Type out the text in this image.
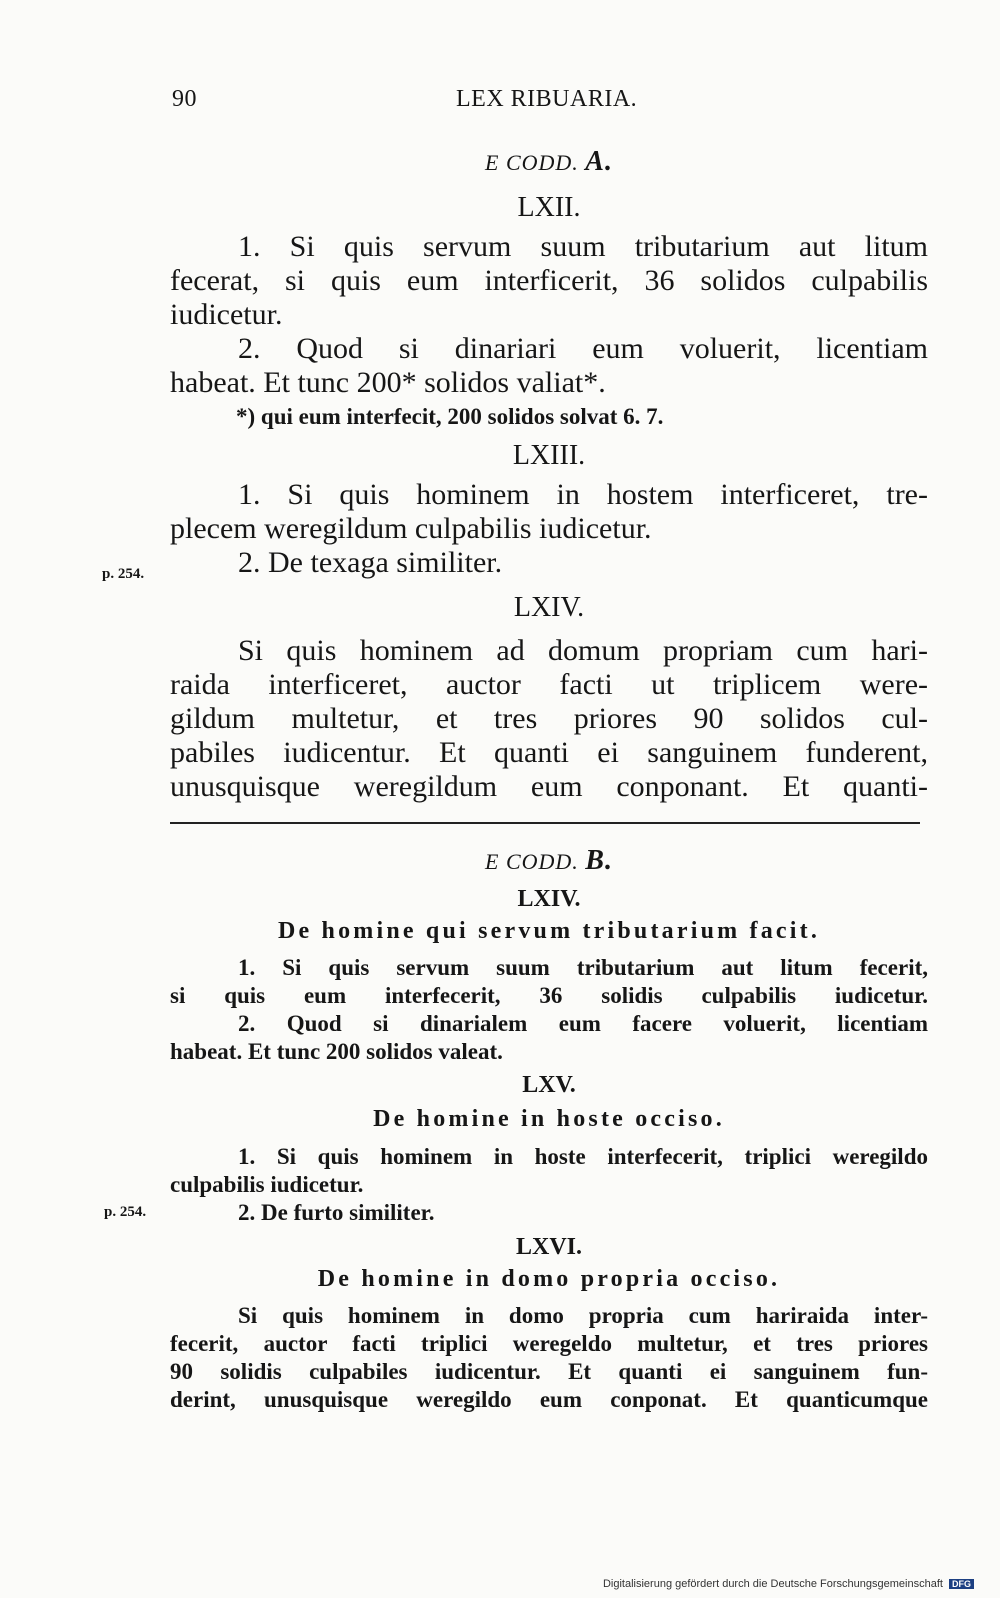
90	LEX RIBUARIA.
E CODD. A.
LXII.
1. Si quis servum suum tributarium aut litum
fecerat, si quis eum interficerit, 36 solidos culpabilis
iudicetur.
2. Quod si dinariari eum voluerit, licentiam
habeat. Et tunc 200* solidos valiat*.
*) qui eum interfecit, 200 solidos solvat 6. 7.
LXIII.
1. Si quis hominem in hostem interficeret, tre-
plecem weregildum culpabilis iudicetur.
2. De texaga similiter.
p. 254.
LXIV.
Si quis hominem ad domum propriam cum hari-
raida interficeret, auctor facti ut triplicem were-
gildum multetur, et tres priores 90 solidos cul-
pabiles iudicentur. Et quanti ei sanguinem funderent,
unusquisque weregildum eum conponant. Et quanti-
E CODD. B.
LXIV.
De homine qui servum tributarium facit.
1. Si quis servum suum tributarium aut litum fecerit,
si quis eum interfecerit, 36 solidis culpabilis iudicetur.
2. Quod si dinarialem eum facere voluerit, licentiam
habeat. Et tunc 200 solidos valeat.
LXV.
De homine in hoste occiso.
1. Si quis hominem in hoste interfecerit, triplici weregildo
culpabilis iudicetur.
2. De furto similiter.
p. 254.
LXVI.
De homine in domo propria occiso.
Si quis hominem in domo propria cum hariraida inter-
fecerit, auctor facti triplici weregeldo multetur, et tres priores
90 solidis culpabiles iudicentur. Et quanti ei sanguinem fun-
derint, unusquisque weregildo eum conponat. Et quanticumque
Digitalisierung gefördert durch die Deutsche Forschungsgemeinschaft DFG
